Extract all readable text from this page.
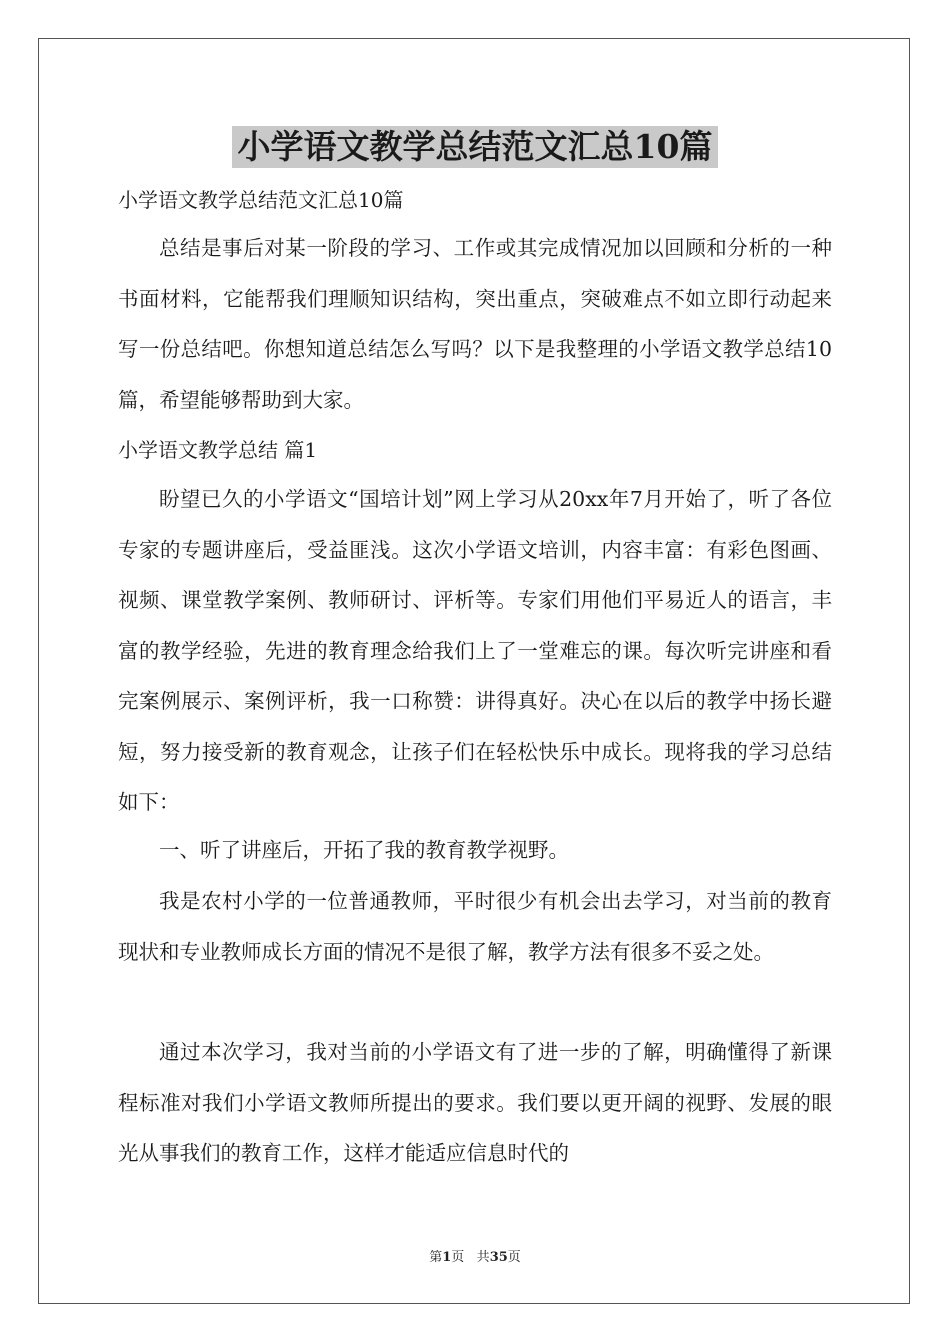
小学语文教学总结范文汇总10篇
小学语文教学总结范文汇总10篇

总结是事后对某一阶段的学习、工作或其完成情况加以回顾和分析的一种书面材料，它能帮我们理顺知识结构，突出重点，突破难点不如立即行动起来写一份总结吧。你想知道总结怎么写吗？以下是我整理的小学语文教学总结10篇，希望能够帮助到大家。

小学语文教学总结 篇1

盼望已久的小学语文“国培计划”网上学习从20xx年7月开始了，听了各位专家的专题讲座后，受益匪浅。这次小学语文培训，内容丰富：有彩色图画、视频、课堂教学案例、教师研讨、评析等。专家们用他们平易近人的语言，丰富的教学经验，先进的教育理念给我们上了一堂难忘的课。每次听完讲座和看完案例展示、案例评析，我一口称赞：讲得真好。决心在以后的教学中扬长避短，努力接受新的教育观念，让孩子们在轻松快乐中成长。现将我的学习总结如下：

一、听了讲座后，开拓了我的教育教学视野。

我是农村小学的一位普通教师，平时很少有机会出去学习，对当前的教育现状和专业教师成长方面的情况不是很了解，教学方法有很多不妥之处。

通过本次学习，我对当前的小学语文有了进一步的了解，明确懂得了新课程标准对我们小学语文教师所提出的要求。我们要以更开阔的视野、发展的眼光从事我们的教育工作，这样才能适应信息时代的

第1页 共35页
